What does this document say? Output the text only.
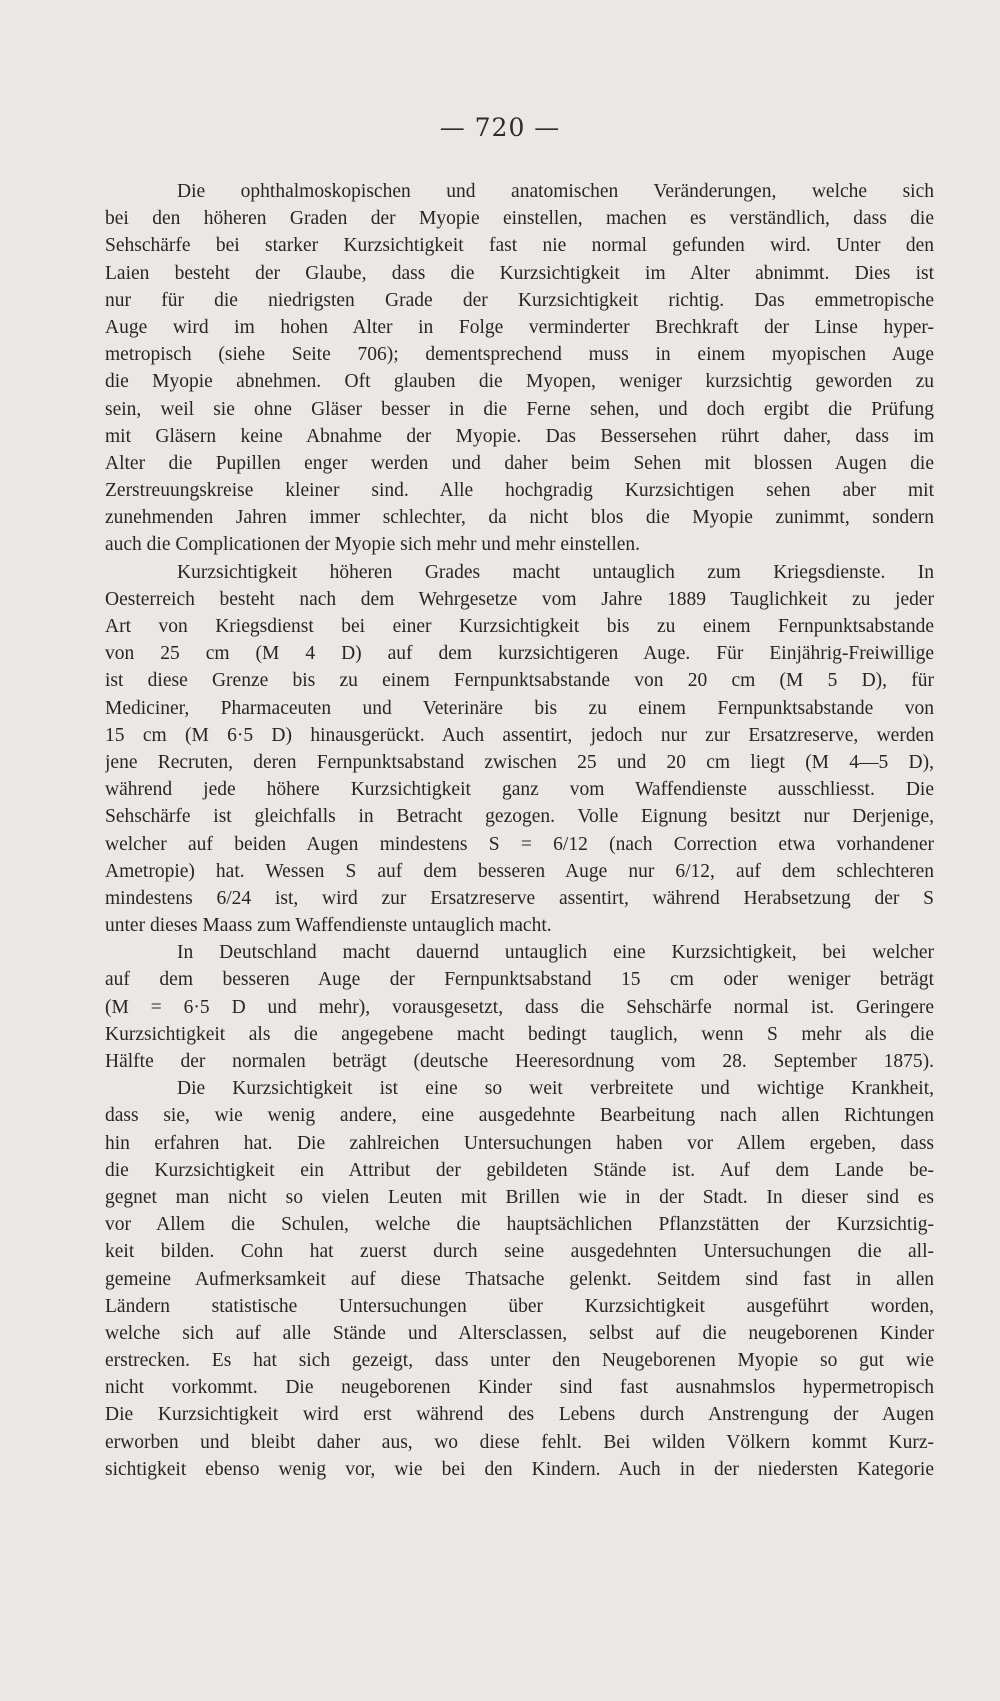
— 720 —
Die ophthalmoskopischen und anatomischen Veränderungen, welche sich
bei den höheren Graden der Myopie einstellen, machen es verständlich, dass die
Sehschärfe bei starker Kurzsichtigkeit fast nie normal gefunden wird. Unter den
Laien besteht der Glaube, dass die Kurzsichtigkeit im Alter abnimmt. Dies ist
nur für die niedrigsten Grade der Kurzsichtigkeit richtig. Das emmetropische
Auge wird im hohen Alter in Folge verminderter Brechkraft der Linse hyper-
metropisch (siehe Seite 706); dementsprechend muss in einem myopischen Auge
die Myopie abnehmen. Oft glauben die Myopen, weniger kurzsichtig geworden zu
sein, weil sie ohne Gläser besser in die Ferne sehen, und doch ergibt die Prüfung
mit Gläsern keine Abnahme der Myopie. Das Bessersehen rührt daher, dass im
Alter die Pupillen enger werden und daher beim Sehen mit blossen Augen die
Zerstreuungskreise kleiner sind. Alle hochgradig Kurzsichtigen sehen aber mit
zunehmenden Jahren immer schlechter, da nicht blos die Myopie zunimmt, sondern
auch die Complicationen der Myopie sich mehr und mehr einstellen.
Kurzsichtigkeit höheren Grades macht untauglich zum Kriegsdienste. In
Oesterreich besteht nach dem Wehrgesetze vom Jahre 1889 Tauglichkeit zu jeder
Art von Kriegsdienst bei einer Kurzsichtigkeit bis zu einem Fernpunktsabstande
von 25 cm (M 4 D) auf dem kurzsichtigeren Auge. Für Einjährig-Freiwillige
ist diese Grenze bis zu einem Fernpunktsabstande von 20 cm (M 5 D), für
Mediciner, Pharmaceuten und Veterinäre bis zu einem Fernpunktsabstande von
15 cm (M 6·5 D) hinausgerückt. Auch assentirt, jedoch nur zur Ersatzreserve, werden
jene Recruten, deren Fernpunktsabstand zwischen 25 und 20 cm liegt (M 4—5 D),
während jede höhere Kurzsichtigkeit ganz vom Waffendienste ausschliesst. Die
Sehschärfe ist gleichfalls in Betracht gezogen. Volle Eignung besitzt nur Derjenige,
welcher auf beiden Augen mindestens S = 6/12 (nach Correction etwa vorhandener
Ametropie) hat. Wessen S auf dem besseren Auge nur 6/12, auf dem schlechteren
mindestens 6/24 ist, wird zur Ersatzreserve assentirt, während Herabsetzung der S
unter dieses Maass zum Waffendienste untauglich macht.
In Deutschland macht dauernd untauglich eine Kurzsichtigkeit, bei welcher
auf dem besseren Auge der Fernpunktsabstand 15 cm oder weniger beträgt
(M = 6·5 D und mehr), vorausgesetzt, dass die Sehschärfe normal ist. Geringere
Kurzsichtigkeit als die angegebene macht bedingt tauglich, wenn S mehr als die
Hälfte der normalen beträgt (deutsche Heeresordnung vom 28. September 1875).
Die Kurzsichtigkeit ist eine so weit verbreitete und wichtige Krankheit,
dass sie, wie wenig andere, eine ausgedehnte Bearbeitung nach allen Richtungen
hin erfahren hat. Die zahlreichen Untersuchungen haben vor Allem ergeben, dass
die Kurzsichtigkeit ein Attribut der gebildeten Stände ist. Auf dem Lande be-
gegnet man nicht so vielen Leuten mit Brillen wie in der Stadt. In dieser sind es
vor Allem die Schulen, welche die hauptsächlichen Pflanzstätten der Kurzsichtig-
keit bilden. Cohn hat zuerst durch seine ausgedehnten Untersuchungen die all-
gemeine Aufmerksamkeit auf diese Thatsache gelenkt. Seitdem sind fast in allen
Ländern statistische Untersuchungen über Kurzsichtigkeit ausgeführt worden,
welche sich auf alle Stände und Altersclassen, selbst auf die neugeborenen Kinder
erstrecken. Es hat sich gezeigt, dass unter den Neugeborenen Myopie so gut wie
nicht vorkommt. Die neugeborenen Kinder sind fast ausnahmslos hypermetropisch
Die Kurzsichtigkeit wird erst während des Lebens durch Anstrengung der Augen
erworben und bleibt daher aus, wo diese fehlt. Bei wilden Völkern kommt Kurz-
sichtigkeit ebenso wenig vor, wie bei den Kindern. Auch in der niedersten Kategorie
